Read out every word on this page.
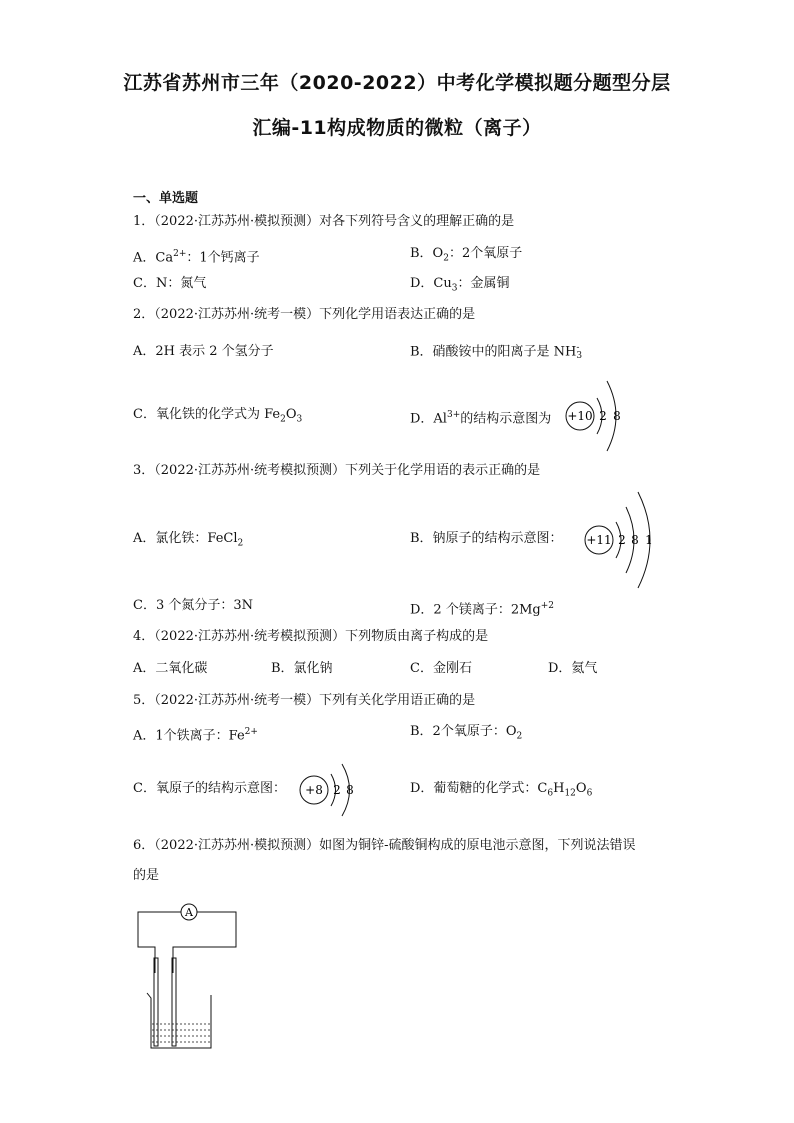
江苏省苏州市三年（2020-2022）中考化学模拟题分题型分层
汇编-11构成物质的微粒（离子）
一、单选题
1．（2022·江苏苏州·模拟预测）对各下列符号含义的理解正确的是
A．$Ca^{2+}$：1个钙离子	B．$O_2$：2个氧原子
C．N：氮气	D．$Cu_3$：金属铜
2．（2022·江苏苏州·统考一模）下列化学用语表达正确的是
A．2H 表示 2 个氢分子	B．硝酸铵中的阳离子是 NH -
3
C．氧化铁的化学式为 $Fe_2O_3$	D．$Al^{3+}$的结构示意图为 +10 2 8
3．（2022·江苏苏州·统考模拟预测）下列关于化学用语的表示正确的是
A．氯化铁：FeCl$_2$	B．钠原子的结构示意图： +11 2 8 1
C．3 个氮分子：3N	D．2 个镁离子：$2Mg^{+2}$
4．（2022·江苏苏州·统考模拟预测）下列物质由离子构成的是
A．二氧化碳	B．氯化钠	C．金刚石	D．氦气
5．（2022·江苏苏州·统考一模）下列有关化学用语正确的是
A．1个铁离子：$Fe^{2+}$	B．2个氧原子：$O_2$
C．氧原子的结构示意图： +8 2 8	D．葡萄糖的化学式：$C_6H_{12}O_6$
6．（2022·江苏苏州·模拟预测）如图为铜锌-硫酸铜构成的原电池示意图，下列说法错误
的是
A
